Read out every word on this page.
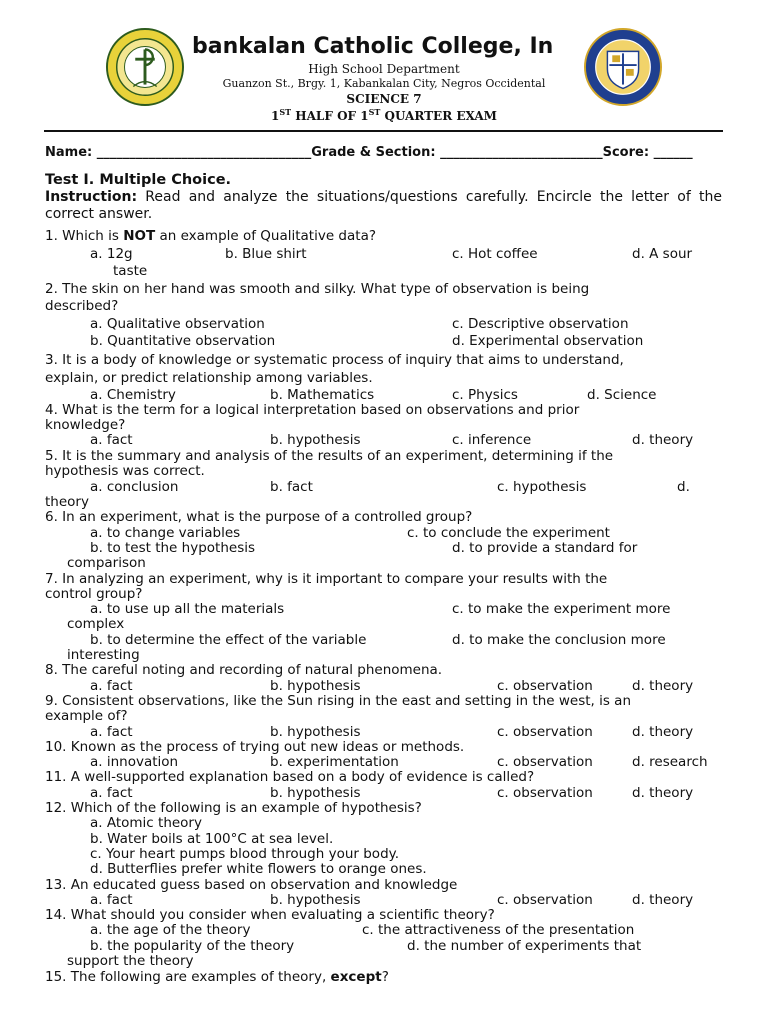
bankalan Catholic College, In
High School Department
Guanzon St., Brgy. 1, Kabankalan City, Negros Occidental
SCIENCE 7
1ST HALF OF 1ST QUARTER EXAM
Name: _________________________________Grade & Section: _________________________Score: ______
Test I. Multiple Choice.
Instruction: Read and analyze the situations/questions carefully. Encircle the letter of the correct answer.
1. Which is NOT an example of Qualitative data?
a. 12g	b. Blue shirt	c. Hot coffee	d. A sour
taste
2. The skin on her hand was smooth and silky. What type of observation is being
described?
a. Qualitative observation	c. Descriptive observation
b. Quantitative observation	d. Experimental observation
3. It is a body of knowledge or systematic process of inquiry that aims to understand,
explain, or predict relationship among variables.
a. Chemistry	b. Mathematics	c. Physics	d. Science
4. What is the term for a logical interpretation based on observations and prior
knowledge?
a. fact	b. hypothesis	c. inference	d. theory
5. It is the summary and analysis of the results of an experiment, determining if the
hypothesis was correct.
a. conclusion	b. fact	c. hypothesis	d.
theory
6. In an experiment, what is the purpose of a controlled group?
a. to change variables	c. to conclude the experiment
b. to test the hypothesis	d. to provide a standard for
comparison
7. In analyzing an experiment, why is it important to compare your results with the
control group?
a. to use up all the materials	c. to make the experiment more
complex
b. to determine the effect of the variable	d. to make the conclusion more
interesting
8. The careful noting and recording of natural phenomena.
a. fact	b. hypothesis	c. observation	d. theory
9. Consistent observations, like the Sun rising in the east and setting in the west, is an
example of?
a. fact	b. hypothesis	c. observation	d. theory
10. Known as the process of trying out new ideas or methods.
a. innovation	b. experimentation	c. observation	d. research
11. A well-supported explanation based on a body of evidence is called?
a. fact	b. hypothesis	c. observation	d. theory
12. Which of the following is an example of hypothesis?
a. Atomic theory
b. Water boils at 100°C at sea level.
c. Your heart pumps blood through your body.
d. Butterflies prefer white flowers to orange ones.
13. An educated guess based on observation and knowledge
a. fact	b. hypothesis	c. observation	d. theory
14. What should you consider when evaluating a scientific theory?
a. the age of the theory	c. the attractiveness of the presentation
b. the popularity of the theory	d. the number of experiments that
support the theory
15. The following are examples of theory, except?
